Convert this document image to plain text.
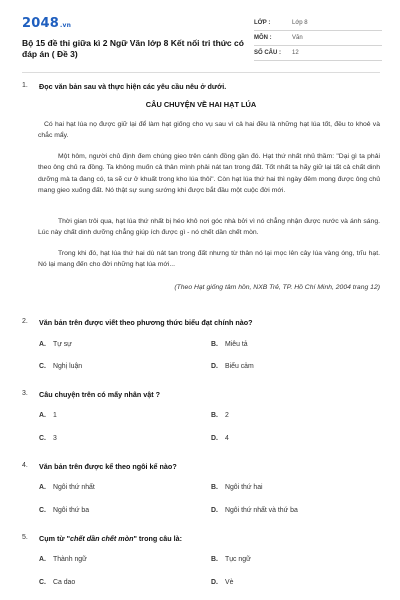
2048.vn
Bộ 15 đề thi giữa kì 2 Ngữ Văn lớp 8 Kết nối tri thức có đáp án ( Đề 3)
LỚP :	Lớp 8
MÔN :	Văn
SỐ CÂU : 12
1. Đọc văn bản sau và thực hiện các yêu cầu nêu ở dưới.
CÂU CHUYỆN VỀ HAI HẠT LÚA
Có hai hạt lúa nọ được giữ lại để làm hạt giống cho vụ sau vì cả hai đều là những hạt lúa tốt, đều to khoẻ và chắc mẩy.
Một hôm, người chủ định đem chúng gieo trên cánh đồng gần đó. Hạt thứ nhất nhủ thầm: "Dại gì ta phải theo ông chủ ra đồng. Ta không muốn cả thân mình phải nát tan trong đất. Tốt nhất ta hãy giữ lại tất cả chất dinh dưỡng mà ta đang có, ta sẽ cư ở khuất trong kho lúa thôi". Còn hạt lúa thứ hai thì ngày đêm mong được ông chủ mang gieo xuống đất. Nó thật sự sung sướng khi được bắt đầu một cuộc đời mới.
Thời gian trôi qua, hạt lúa thứ nhất bị héo khô nơi góc nhà bởi vì nó chẳng nhận được nước và ánh sáng. Lúc này chất dinh dưỡng chẳng giúp ích được gì - nó chết dần chết mòn.
Trong khi đó, hạt lúa thứ hai dù nát tan trong đất nhưng từ thân nó lại mọc lên cây lúa vàng óng, trĩu hạt. Nó lại mang đến cho đời những hạt lúa mới...
(Theo Hạt giống tâm hồn, NXB Trẻ, TP. Hồ Chí Minh, 2004 trang 12)
2. Văn bản trên được viết theo phương thức biểu đạt chính nào?
A. Tự sự	B. Miêu tả
C. Nghị luận	D. Biểu cảm
3. Câu chuyện trên có mấy nhân vật ?
A. 1	B. 2
C. 3	D. 4
4. Văn bản trên được kể theo ngôi kể nào?
A. Ngôi thứ nhất	B. Ngôi thứ hai
C. Ngôi thứ ba	D. Ngôi thứ nhất và thứ ba
5. Cụm từ "chết dần chết mòn" trong câu là:
A. Thành ngữ	B. Tục ngữ
C. Ca dao	D. Vè
